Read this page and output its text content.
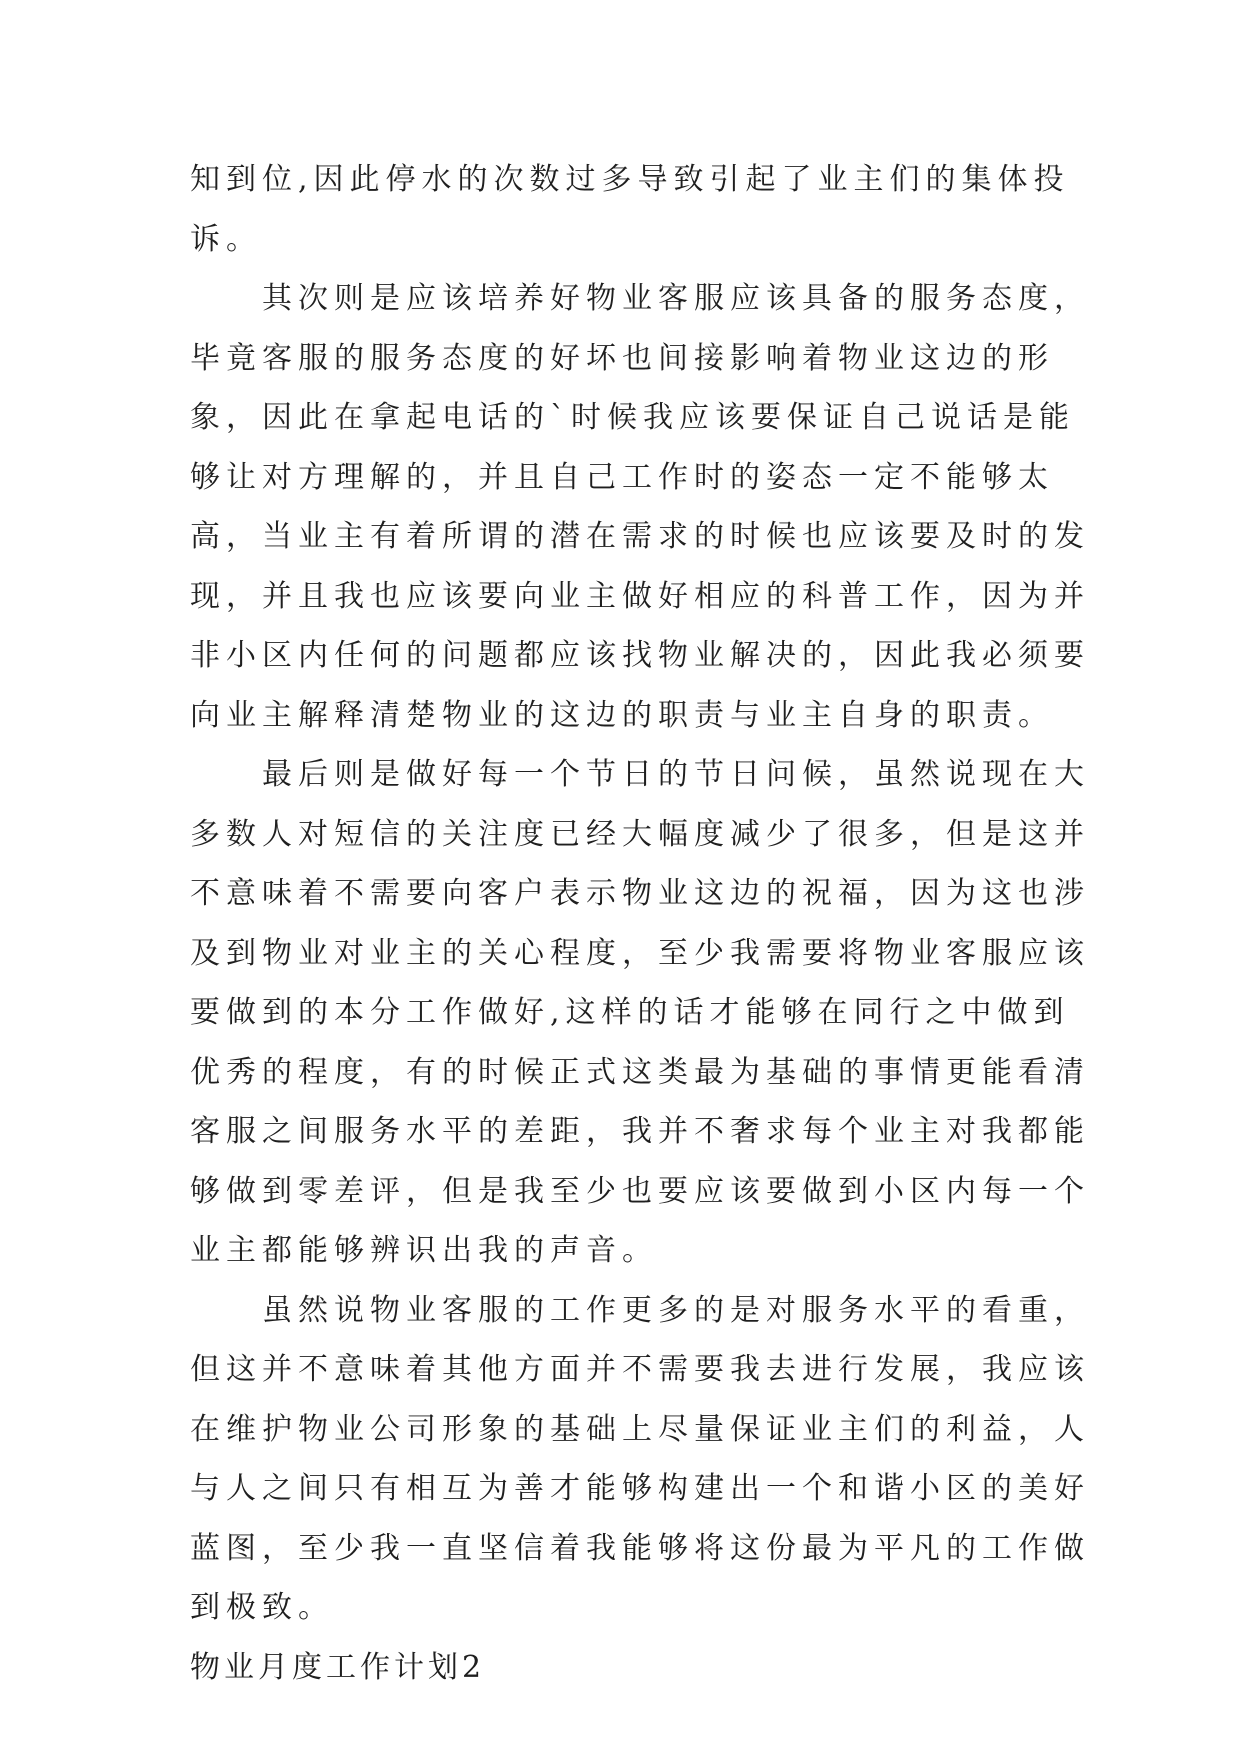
知到位,因此停水的次数过多导致引起了业主们的集体投诉。

其次则是应该培养好物业客服应该具备的服务态度，毕竟客服的服务态度的好坏也间接影响着物业这边的形象，因此在拿起电话的`时候我应该要保证自己说话是能够让对方理解的，并且自己工作时的姿态一定不能够太高，当业主有着所谓的潜在需求的时候也应该要及时的发现，并且我也应该要向业主做好相应的科普工作，因为并非小区内任何的问题都应该找物业解决的，因此我必须要向业主解释清楚物业的这边的职责与业主自身的职责。

最后则是做好每一个节日的节日问候，虽然说现在大多数人对短信的关注度已经大幅度减少了很多，但是这并不意味着不需要向客户表示物业这边的祝福，因为这也涉及到物业对业主的关心程度，至少我需要将物业客服应该要做到的本分工作做好,这样的话才能够在同行之中做到优秀的程度，有的时候正式这类最为基础的事情更能看清客服之间服务水平的差距，我并不奢求每个业主对我都能够做到零差评，但是我至少也要应该要做到小区内每一个业主都能够辨识出我的声音。

虽然说物业客服的工作更多的是对服务水平的看重，但这并不意味着其他方面并不需要我去进行发展，我应该在维护物业公司形象的基础上尽量保证业主们的利益，人与人之间只有相互为善才能够构建出一个和谐小区的美好蓝图，至少我一直坚信着我能够将这份最为平凡的工作做到极致。

物业月度工作计划2
